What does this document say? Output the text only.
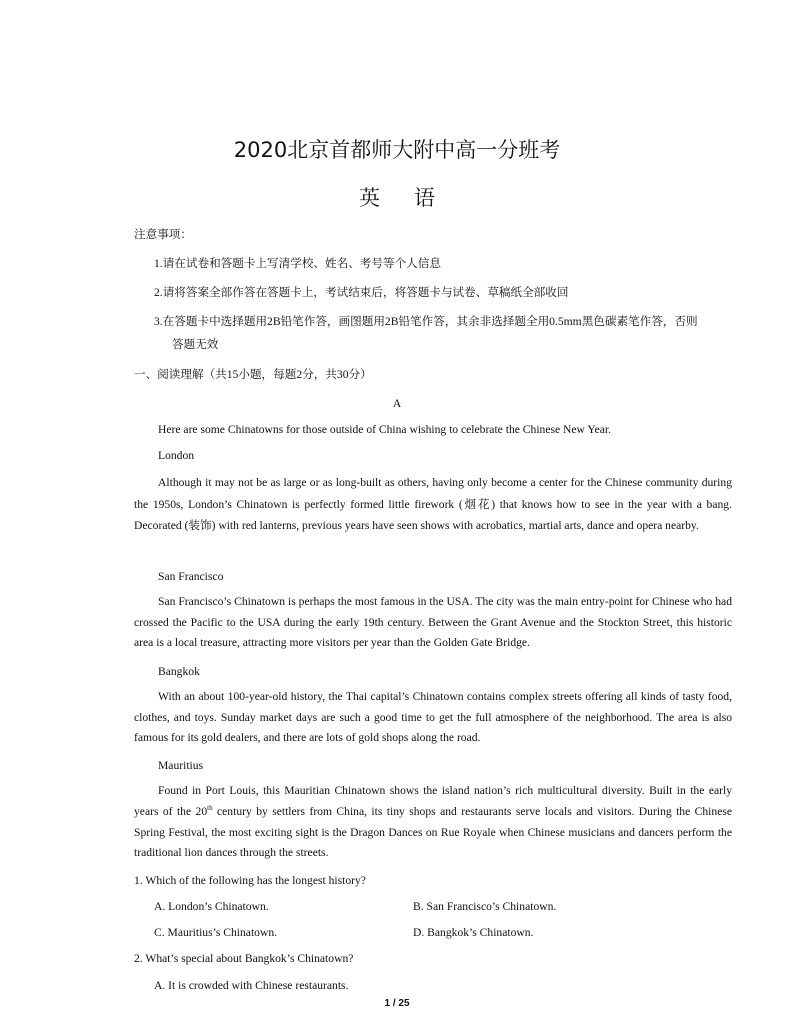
2020北京首都师大附中高一分班考
英 语
注意事项：
1.请在试卷和答题卡上写清学校、姓名、考号等个人信息
2.请将答案全部作答在答题卡上，考试结束后，将答题卡与试卷、草稿纸全部收回
3.在答题卡中选择题用2B铅笔作答，画图题用2B铅笔作答，其余非选择题全用0.5mm黑色碳素笔作答，否则
答题无效
一、阅读理解（共15小题，每题2分，共30分）
A
Here are some Chinatowns for those outside of China wishing to celebrate the Chinese New Year.
London
Although it may not be as large or as long-built as others, having only become a center for the Chinese community during the 1950s, London’s Chinatown is perfectly formed little firework (烟花) that knows how to see in the year with a bang. Decorated (装饰) with red lanterns, previous years have seen shows with acrobatics, martial arts, dance and opera nearby.
San Francisco
San Francisco’s Chinatown is perhaps the most famous in the USA. The city was the main entry-point for Chinese who had crossed the Pacific to the USA during the early 19th century. Between the Grant Avenue and the Stockton Street, this historic area is a local treasure, attracting more visitors per year than the Golden Gate Bridge.
Bangkok
With an about 100-year-old history, the Thai capital’s Chinatown contains complex streets offering all kinds of tasty food, clothes, and toys. Sunday market days are such a good time to get the full atmosphere of the neighborhood. The area is also famous for its gold dealers, and there are lots of gold shops along the road.
Mauritius
Found in Port Louis, this Mauritian Chinatown shows the island nation’s rich multicultural diversity. Built in the early years of the 20th century by settlers from China, its tiny shops and restaurants serve locals and visitors. During the Chinese Spring Festival, the most exciting sight is the Dragon Dances on Rue Royale when Chinese musicians and dancers perform the traditional lion dances through the streets.
1. Which of the following has the longest history?
A. London’s Chinatown.	B. San Francisco’s Chinatown.
C. Mauritius’s Chinatown.	D. Bangkok’s Chinatown.
2. What’s special about Bangkok’s Chinatown?
A. It is crowded with Chinese restaurants.
1 / 25
